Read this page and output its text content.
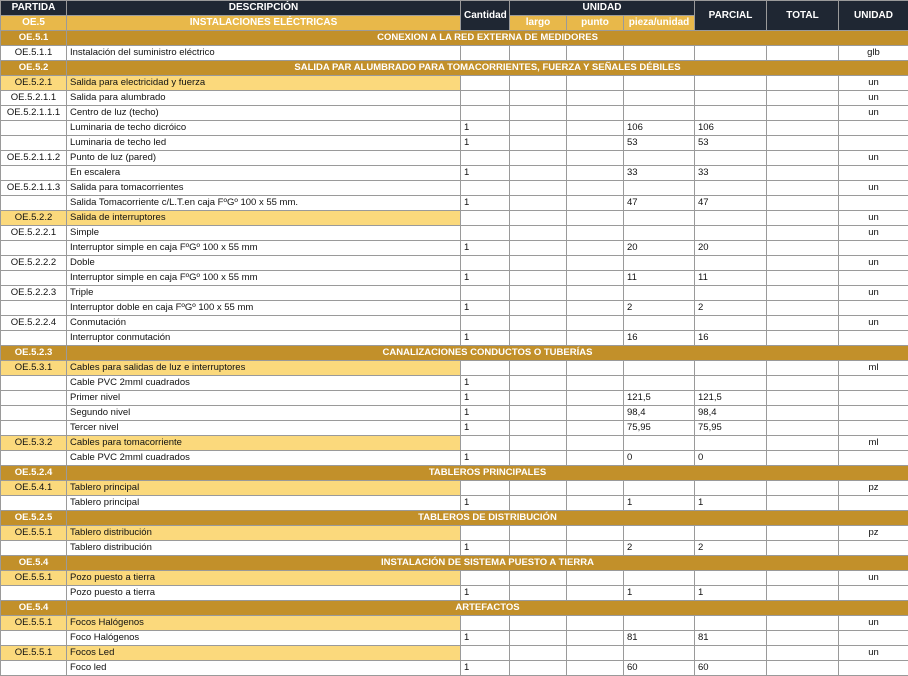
PARTIDA	DESCRIPCIÓN	Cantidad	UNIDAD			PARCIAL	TOTAL	UNIDAD
OE.5	INSTALACIONES ELÉCTRICAS		largo	punto	pieza/unidad			
OE.5.1	CONEXION A LA RED EXTERNA DE MEDIDORES							
OE.5.1.1	Instalación del suministro eléctrico							glb
OE.5.2	SALIDA PAR ALUMBRADO PARA TOMACORRIENTES, FUERZA Y SEÑALES DÉBILES							
OE.5.2.1	Salida para electricidad y fuerza							un
OE.5.2.1.1	Salida para alumbrado							un
OE.5.2.1.1.1	Centro de luz (techo)							un
	Luminaria de techo dicróico	1			106	106		
	Luminaria de techo led	1			53	53		
OE.5.2.1.1.2	Punto de luz (pared)							un
	En escalera	1			33	33		
OE.5.2.1.1.3	Salida para tomacorrientes							un
	Salida Tomacorriente c/L.T.en caja FºGº 100 x 55 mm.	1			47	47		
OE.5.2.2	Salida de interruptores							un
OE.5.2.2.1	Simple							un
	Interruptor simple en caja FºGº 100 x 55 mm	1			20	20		
OE.5.2.2.2	Doble							un
	Interruptor simple en caja FºGº 100 x 55 mm	1			11	11		
OE.5.2.2.3	Triple							un
	Interruptor doble en caja FºGº 100 x 55 mm	1			2	2		
OE.5.2.2.4	Conmutación							un
	Interruptor conmutación	1			16	16		
OE.5.2.3	CANALIZACIONES CONDUCTOS O TUBERÍAS							
OE.5.3.1	Cables para salidas de luz e interruptores							ml
	Cable PVC 2mml cuadrados	1						
	Primer nivel	1			121,5	121,5		
	Segundo nivel	1			98,4	98,4		
	Tercer nivel	1			75,95	75,95		
OE.5.3.2	Cables para tomacorriente							ml
	Cable PVC 2mml cuadrados	1			0	0		
OE.5.2.4	TABLEROS PRINCIPALES							
OE.5.4.1	Tablero principal							pz
	Tablero principal	1			1	1		
OE.5.2.5	TABLEROS DE DISTRIBUCIÓN							
OE.5.5.1	Tablero distribución							pz
	Tablero distribución	1			2	2		
OE.5.4	INSTALACIÓN DE SISTEMA PUESTO A TIERRA							
OE.5.5.1	Pozo puesto a tierra							un
	Pozo puesto a tierra	1			1	1		
OE.5.4	ARTEFACTOS							
OE.5.5.1	Focos Halógenos							un
	Foco Halógenos	1			81	81		
OE.5.5.1	Focos Led							un
	Foco led	1			60	60		
